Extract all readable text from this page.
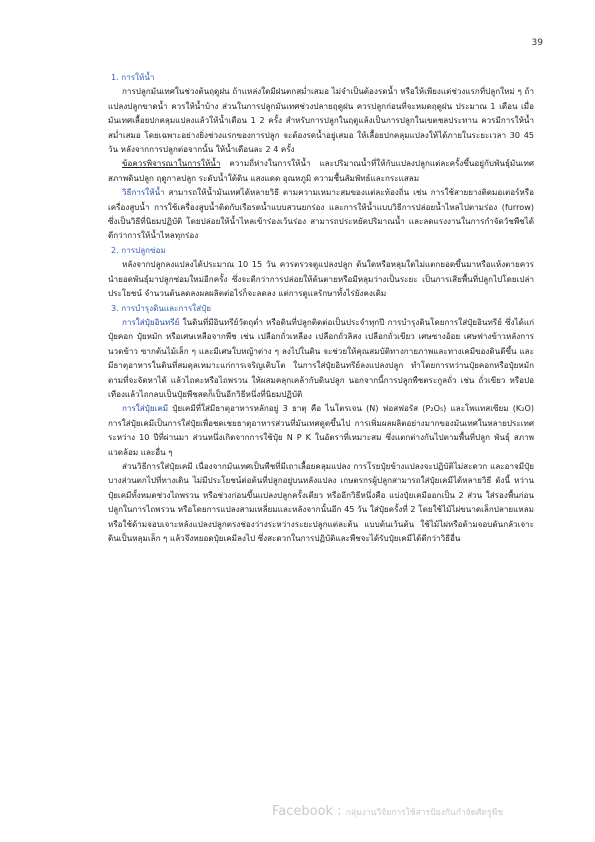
39
1. การให้น้ำ

การปลูกมันเทศในช่วงต้นฤดูฝน ถ้าแหล่งใดมีฝนตกสม่ำเสมอ ไม่จำเป็นต้องรดน้ำ หรือให้เพียงแต่ช่วงแรกที่ปลูกใหม่ ๆ ถ้าแปลงปลูกขาดน้ำ ควรให้น้ำบ้าง ส่วนในการปลูกมันเทศช่วงปลายฤดูฝน ควรปลูกก่อนที่จะหมดฤดูฝน ประมาณ 1 เดือน เมื่อมันเทศเลื้อยปกคลุมแปลงแล้วให้น้ำเดือน 1 2 ครั้ง สำหรับการปลูกในฤดูแล้งเป็นการปลูกในเขตชลประทาน ควรมีการให้น้ำสม่ำเสมอ โดยเฉพาะอย่างยิ่งช่วงแรกของการปลูก จะต้องรดน้ำอยู่เสมอ ให้เลื้อยปกคลุมแปลงให้ได้ภายในระยะเวลา 30 45 วัน หลังจากการปลูกต่อจากนั้น ให้น้ำเดือนละ 2 4 ครั้ง

ข้อควรพิจารณาในการให้น้ำ ความถี่ห่างในการให้น้ำ และปริมาณน้ำที่ให้กับแปลงปลูกแต่ละครั้งขึ้นอยู่กับพันธุ์มันเทศ สภาพดินปลูก ฤดูกาลปลูก ระดับน้ำใต้ดิน แสงแดด อุณหภูมิ ความชื้นสัมพัทธ์และกระแสลม

วิธีการให้น้ำ สามารถให้น้ำมันเทศได้หลายวิธี ตามความเหมาะสมของแต่ละท้องถิ่น เช่น การใช้สายยางติดมอเตอร์หรือเครื่องสูบน้ำ การใช้เครื่องสูบน้ำติดกับเรือรดน้ำแบบสวนยกร่อง และการให้น้ำแบบวิธีการปล่อยน้ำไหลไปตามร่อง (furrow) ซึ่งเป็นวิธีที่นิยมปฏิบัติ โดยปล่อยให้น้ำไหลเข้าร่องเว้นร่อง สามารถประหยัดปริมาณน้ำ และลดแรงงานในการกำจัดวัชพืชได้ดีกว่าการให้น้ำไหลทุกร่อง

2. การปลูกซ่อม

หลังจากปลูกลงแปลงได้ประมาณ 10 15 วัน ควรตรวจดูแปลงปลูก ต้นใดหรือหลุมใดไม่แตกยอดขึ้นมาหรือแห้งตายควรนำยอดพันธุ์มาปลูกซ่อมใหม่อีกครั้ง ซึ่งจะดีกว่าการปล่อยให้ต้นตายหรือมีหลุมว่างเป็นระยะ เป็นการเสียพื้นที่ปลูกไปโดยเปล่าประโยชน์ จำนวนต้นลดลงผลผลิตต่อไร่ก็จะลดลง แต่การดูแลรักษาทั้งไร่ยังคงเดิม

3. การบำรุงดินและการใส่ปุ๋ย

การใส่ปุ๋ยอินทรีย์ ในดินที่มีอินทรีย์วัตถุต่ำ หรือดินที่ปลูกติดต่อเป็นประจำทุกปี การบำรุงดินโดยการใส่ปุ๋ยอินทรีย์ ซึ่งได้แก่ ปุ๋ยคอก ปุ๋ยหมัก หรือเศษเหลือจากพืช เช่น เปลือกถั่วเหลือง เปลือกถั่วลิสง เปลือกถั่วเขียว เศษซางอ้อย เศษฟางข้าวหลังการนวดข้าว ซากต้นไม้เล็ก ๆ และมีเศษใบหญ้าต่าง ๆ ลงไปในดิน จะช่วยให้คุณสมบัติทางกายภาพและทางเคมีของดินดีขึ้น และมีธาตุอาหารในดินที่สมดุลเหมาะแก่การเจริญเติบโต ในการใส่ปุ๋ยอินทรีย์ลงแปลงปลูก ทำโดยการหว่านปุ๋ยคอกหรือปุ๋ยหมักตามที่จะจัดหาได้ แล้วไถคะหรือไถพรวน ให้ผสมคลุกเคล้ากับดินปลูก นอกจากนี้การปลูกพืชตระกูลถั่ว เช่น ถั่วเขียว หรือปอเทืองแล้วไถกลบเป็นปุ๋ยพืชสดก็เป็นอีกวิธีหนึ่งที่นิยมปฏิบัติ

การใส่ปุ๋ยเคมี ปุ๋ยเคมีที่ใส่มีธาตุอาหารหลักอยู่ 3 ธาตุ คือ ไนโตรเจน (N) ฟอสฟอรัส (P₂O₅) และโพแทสเซียม (K₂O) การใส่ปุ๋ยเคมีเป็นการใส่ปุ๋ยเพื่อชดเชยธาตุอาหารส่วนที่มันเทศดูดขึ้นไป การเพิ่มผลผลิตอย่างมากของมันเทศในหลายประเทศระหว่าง 10 ปีที่ผ่านมา ส่วนหนึ่งเกิดจากการใช้ปุ๋ย N P K ในอัตราที่เหมาะสม ซึ่งแตกต่างกันไปตามพื้นที่ปลูก พันธุ์ สภาพแวดล้อม และอื่น ๆ

ส่วนวิธีการใส่ปุ๋ยเคมี เนื่องจากมันเทศเป็นพืชที่มีเถาเลื้อยคลุมแปลง การโรยปุ๋ยข้างแปลงจะปฏิบัติไม่สะดวก และอาจมีปุ๋ยบางส่วนตกไปที่ทางเดิน ไม่มีประโยชน์ต่อต้นที่ปลูกอยู่บนหลังแปลง เกษตรกรผู้ปลูกสามารถใส่ปุ๋ยเคมีได้หลายวิธี ดังนี้ หว่านปุ๋ยเคมีทั้งหมดช่วงไถพรวน หรือช่วงก่อนขึ้นแปลงปลูกครั้งเดียว หรืออีกวิธีหนึ่งคือ แบ่งปุ๋ยเคมีออกเป็น 2 ส่วน ใส่รองพื้นก่อนปลูกในการไถพรวน หรือโดยการแปลงสามเหลี่ยมและหลังจากนั้นอีก 45 วัน ใส่ปุ๋ยครั้งที่ 2 โดยใช้ไม้ไผ่ขนาดเล็กปลายแหลม หรือใช้ด้ามจอบเจาะหลังแปลงปลูกตรงช่องว่างระหว่างระยะปลูกแต่ละต้น แบบต้นเว้นต้น ใช้ไม้ไผ่หรือด้ามจอบดันกลัวเจาะดินเป็นหลุมเล็ก ๆ แล้วจึงหยอดปุ๋ยเคมีลงไป ซึ่งสะดวกในการปฏิบัติและพืชจะได้รับปุ๋ยเคมีได้ดีกว่าวิธีอื่น

Facebook : กลุ่มงานวิจัยการใช้สารป้องกันกำจัดศัตรูพืช
